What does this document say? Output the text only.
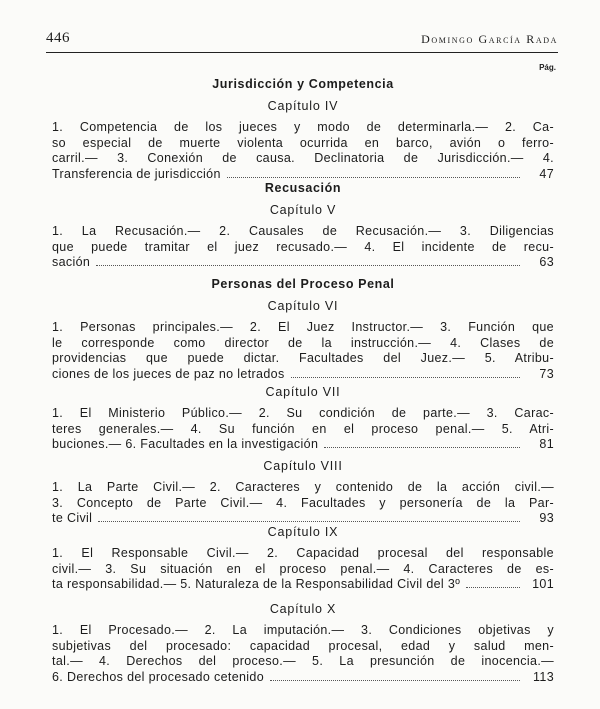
446	Domingo García Rada
Pág.
Jurisdicción y Competencia
Capítulo IV
1. Competencia de los jueces y modo de determinarla.— 2. Ca-
so especial de muerte violenta ocurrida en barco, avión o ferro-
carril.— 3. Conexión de causa. Declinatoria de Jurisdicción.— 4.
Transferencia de jurisdicción	47
Recusación
Capítulo V
1. La Recusación.— 2. Causales de Recusación.— 3. Diligencias
que puede tramitar el juez recusado.— 4. El incidente de recu-
sación	63
Personas del Proceso Penal
Capítulo VI
1. Personas principales.— 2. El Juez Instructor.— 3. Función que
le corresponde como director de la instrucción.— 4. Clases de
providencias que puede dictar. Facultades del Juez.— 5. Atribu-
ciones de los jueces de paz no letrados	73
Capítulo VII
1. El Ministerio Público.— 2. Su condición de parte.— 3. Carac-
teres generales.— 4. Su función en el proceso penal.— 5. Atri-
buciones.— 6. Facultades en la investigación	81
Capítulo VIII
1. La Parte Civil.— 2. Caracteres y contenido de la acción civil.—
3. Concepto de Parte Civil.— 4. Facultades y personería de la Par-
te Civil	93
Capítulo IX
1. El Responsable Civil.— 2. Capacidad procesal del responsable
civil.— 3. Su situación en el proceso penal.— 4. Caracteres de es-
ta responsabilidad.— 5. Naturaleza de la Responsabilidad Civil del 3º	101
Capítulo X
1. El Procesado.— 2. La imputación.— 3. Condiciones objetivas y
subjetivas del procesado: capacidad procesal, edad y salud men-
tal.— 4. Derechos del proceso.— 5. La presunción de inocencia.—
6. Derechos del procesado cetenido	113
